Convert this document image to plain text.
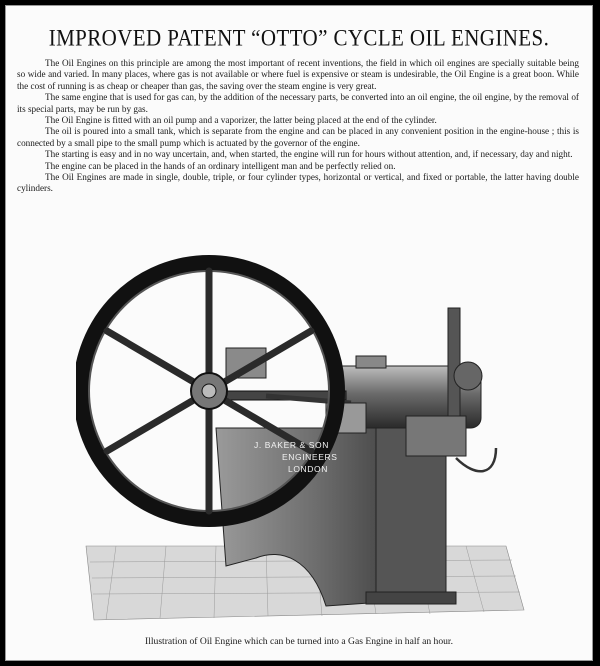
IMPROVED PATENT “OTTO” CYCLE OIL ENGINES.

The Oil Engines on this principle are among the most important of recent inventions, the field in which oil engines are specially suitable being so wide and varied. In many places, where gas is not available or where fuel is expensive or steam is undesirable, the Oil Engine is a great boon. While the cost of running is as cheap or cheaper than gas, the saving over the steam engine is very great.

The same engine that is used for gas can, by the addition of the necessary parts, be converted into an oil engine, the oil engine, by the removal of its special parts, may be run by gas.

The Oil Engine is fitted with an oil pump and a vaporizer, the latter being placed at the end of the cylinder.

The oil is poured into a small tank, which is separate from the engine and can be placed in any convenient position in the engine-house ; this is connected by a small pipe to the small pump which is actuated by the governor of the engine.

The starting is easy and in no way uncertain, and, when started, the engine will run for hours without attention, and, if necessary, day and night.

The engine can be placed in the hands of an ordinary intelligent man and be perfectly relied on.

The Oil Engines are made in single, double, triple, or four cylinder types, horizontal or vertical, and fixed or portable, the latter having double cylinders.

J. BAKER & SON
ENGINEERS
LONDON
Illustration of Oil Engine which can be turned into a Gas Engine in half an hour.
